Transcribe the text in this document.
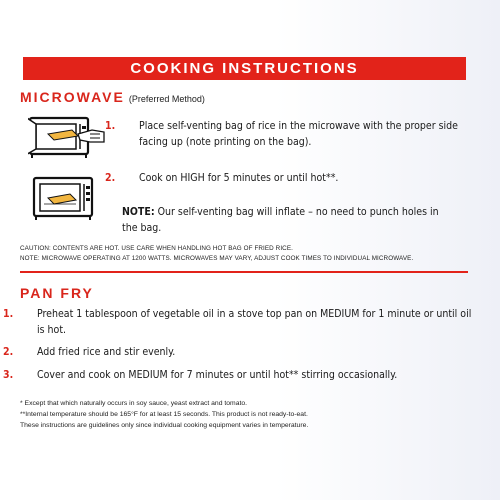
COOKING INSTRUCTIONS
MICROWAVE (Preferred Method)
1. Place self-venting bag of rice in the microwave with the proper side facing up (note printing on the bag).
2. Cook on HIGH for 5 minutes or until hot**.
NOTE: Our self-venting bag will inflate – no need to punch holes in the bag.
CAUTION: CONTENTS ARE HOT. USE CARE WHEN HANDLING HOT BAG OF FRIED RICE.
NOTE: MICROWAVE OPERATING AT 1200 WATTS. MICROWAVES MAY VARY, ADJUST COOK TIMES TO INDIVIDUAL MICROWAVE.
PAN FRY
1. Preheat 1 tablespoon of vegetable oil in a stove top pan on MEDIUM for 1 minute or until oil is hot.
2. Add fried rice and stir evenly.
3. Cover and cook on MEDIUM for 7 minutes or until hot** stirring occasionally.
* Except that which naturally occurs in soy sauce, yeast extract and tomato.
**Internal temperature should be 165°F for at least 15 seconds. This product is not ready-to-eat.
These instructions are guidelines only since individual cooking equipment varies in temperature.
